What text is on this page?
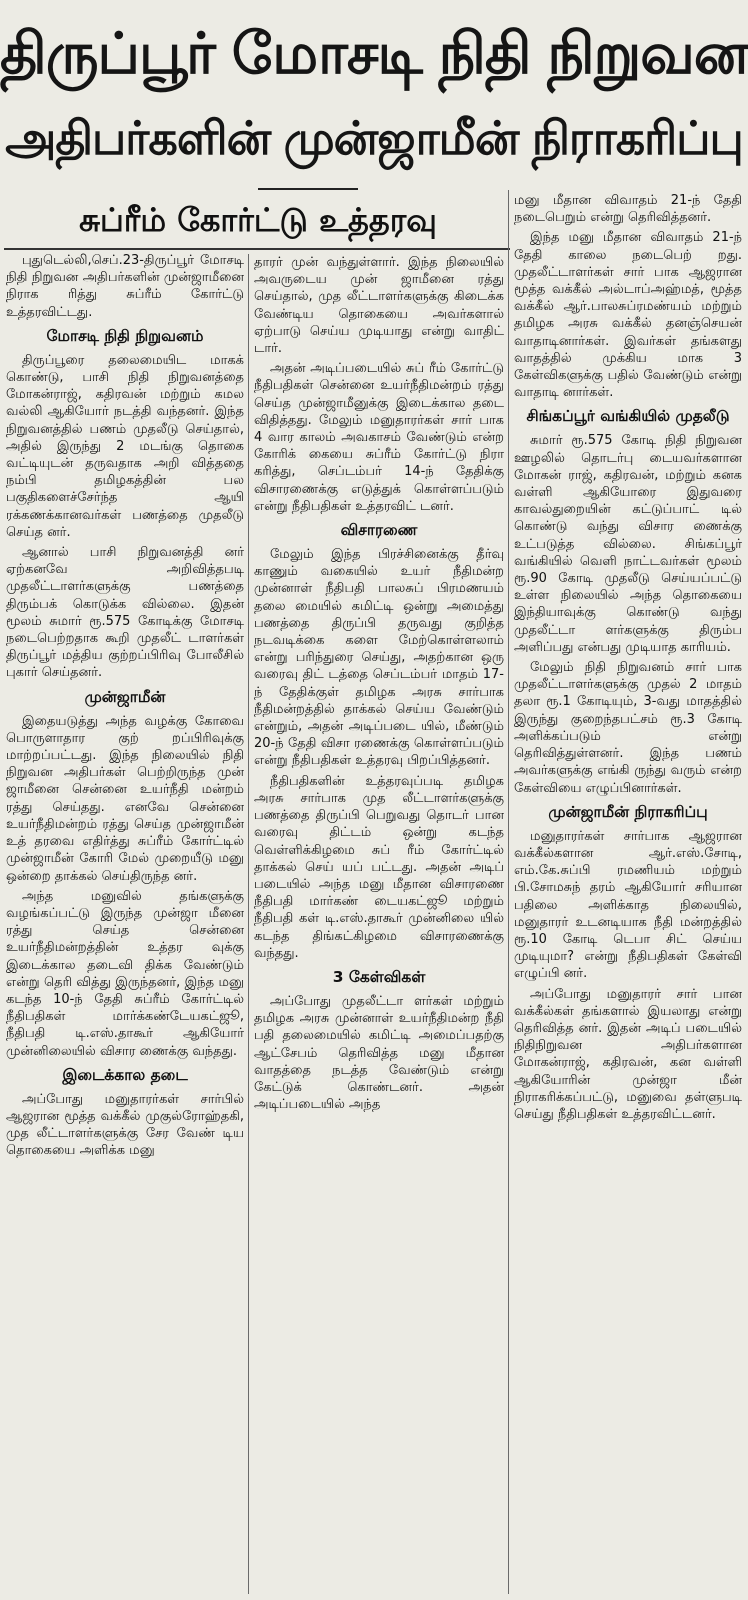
திருப்பூர் மோசடி நிதி நிறுவன
அதிபர்களின் முன்ஜாமீன் நிராகரிப்பு
சுப்ரீம் கோர்ட்டு உத்தரவு

புதுடெல்லி,செப்.23-திருப்பூர் மோசடி நிதி நிறுவன அதிபர்களின் முன்ஜாமீனை நிராக ரித்து சுப்ரீம் கோர்ட்டு உத்தரவிட்டது.

மோசடி நிதி நிறுவனம்

திருப்பூரை தலைமையிட மாகக் கொண்டு, பாசி நிதி நிறுவனத்தை மோகன்ராஜ், கதிரவன் மற்றும் கமல வல்லி ஆகியோர் நடத்தி வந்தனர். இந்த நிறுவனத்தில் பணம் முதலீடு செய்தால், அதில் இருந்து 2 மடங்கு தொகை வட்டியுடன் தருவதாக அறி வித்ததை நம்பி தமிழகத்தின் பல பகுதிகளைச்சேர்ந்த ஆயி ரக்கணக்கானவர்கள் பணத்தை முதலீடு செய்த னர்.

ஆனால் பாசி நிறுவனத்தி னர் ஏற்கனவே அறிவித்தபடி முதலீட்டாளர்களுக்கு பணத்தை திரும்பக் கொடுக்க வில்லை. இதன் மூலம் சுமார் ரூ.575 கோடிக்கு மோசடி நடைபெற்றதாக கூறி முதலீட் டாளர்கள் திருப்பூர் மத்திய குற்றப்பிரிவு போலீசில் புகார் செய்தனர்.

முன்ஜாமீன்

இதையடுத்து அந்த வழக்கு கோவை பொருளாதார குற் றப்பிரிவுக்கு மாற்றப்பட்டது. இந்த நிலையில் நிதி நிறுவன அதிபர்கள் பெற்றிருந்த முன் ஜாமீனை சென்னை உயர்நீதி மன்றம் ரத்து செய்தது. எனவே சென்னை உயர்நீதிமன்றம் ரத்து செய்த முன்ஜாமீன் உத் தரவை எதிர்த்து சுப்ரீம் கோர்ட்டில் முன்ஜாமீன் கோரி மேல் முறையீடு மனு ஒன்றை தாக்கல் செய்திருந்த னர்.

அந்த மனுவில் தங்களுக்கு வழங்கப்பட்டு இருந்த முன்ஜா மீனை ரத்து செய்த சென்னை உயர்நீதிமன்றத்தின் உத்தர வுக்கு இடைக்கால தடைவி திக்க வேண்டும் என்று தெரி வித்து இருந்தனர், இந்த மனு கடந்த 10-ந் தேதி சுப்ரீம் கோர்ட்டில் நீதிபதிகள் மார்க்கண்டேயகட்ஜூ, நீதிபதி டி.எஸ்.தாகூர் ஆகியோர் முன்னிலையில் விசார ணைக்கு வந்தது.

இடைக்கால தடை

அப்போது மனுதாரர்கள் சார்பில் ஆஜரான மூத்த வக்கீல் முகுல்ரோஹ்தகி, முத லீட்டாளர்களுக்கு சேர வேண் டிய தொகையை அளிக்க மனு

தாரர் முன் வந்துள்ளார். இந்த நிலையில் அவருடைய முன் ஜாமீனை ரத்து செய்தால், முத லீட்டாளர்களுக்கு கிடைக்க வேண்டிய தொகையை அவர்களால் ஏற்பாடு செய்ய முடியாது என்று வாதிட் டார்.

அதன் அடிப்படையில் சுப் ரீம் கோர்ட்டு நீதிபதிகள் சென்னை உயர்நீதிமன்றம் ரத்து செய்த முன்ஜாமீனுக்கு இடைக்கால தடை விதித்தது. மேலும் மனுதாரர்கள் சார் பாக 4 வார காலம் அவகாசம் வேண்டும் என்ற கோரிக் கையை சுப்ரீம் கோர்ட்டு நிரா கரித்து, செப்டம்பர் 14-ந் தேதிக்கு விசாரணைக்கு எடுத்துக் கொள்ளப்படும் என்று நீதிபதிகள் உத்தரவிட் டனர்.

விசாரணை

மேலும் இந்த பிரச்சினைக்கு தீர்வு காணும் வகையில் உயர் நீதிமன்ற முன்னாள் நீதிபதி பாலசுப் பிரமணயம் தலை மையில் கமிட்டி ஒன்று அமைத்து பணத்தை திருப்பி தருவது குறித்த நடவடிக்கை களை மேற்கொள்ளலாம் என்று பரிந்துரை செய்து, அதற்கான ஒரு வரைவு திட் டத்தை செப்டம்பர் மாதம் 17-ந் தேதிக்குள் தமிழக அரசு சார்பாக நீதிமன்றத்தில் தாக்கல் செய்ய வேண்டும் என்றும், அதன் அடிப்படை யில், மீண்டும் 20-ந் தேதி விசா ரணைக்கு கொள்ளப்படும் என்று நீதிபதிகள் உத்தரவு பிறப்பித்தனர்.

நீதிபதிகளின் உத்தரவுப்படி தமிழக அரசு சார்பாக முத லீட்டாளர்களுக்கு பணத்தை திருப்பி பெறுவது தொடர் பான வரைவு திட்டம் ஒன்று கடந்த வெள்ளிக்கிழமை சுப் ரீம் கோர்ட்டில் தாக்கல் செய் யப் பட்டது. அதன் அடிப் படையில் அந்த மனு மீதான விசாரணை நீதிபதி மார்கண் டையகட்ஜூ மற்றும் நீதிபதி கள் டி.எஸ்.தாகூர் முன்னிலை யில் கடந்த திங்கட்கிழமை விசாரணைக்கு வந்தது.

3 கேள்விகள்

அப்போது முதலீட்டா ளர்கள் மற்றும் தமிழக அரசு முன்னாள் உயர்நீதிமன்ற நீதி பதி தலைமையில் கமிட்டி அமைப்பதற்கு ஆட்சேபம் தெரிவித்த மனு மீதான வாதத்தை நடத்த வேண்டும் என்று கேட்டுக் கொண்டனர். அதன் அடிப்படையில் அந்த

மனு மீதான விவாதம் 21-ந் தேதி நடைபெறும் என்று தெரிவித்தனர்.

இந்த மனு மீதான விவாதம் 21-ந் தேதி காலை நடைபெற் றது. முதலீட்டாளர்கள் சார் பாக ஆஜரான மூத்த வக்கீல் அல்டாப்அஹ்மத், மூத்த வக்கீல் ஆர்.பாலசுப்ரமண்யம் மற்றும் தமிழக அரசு வக்கீல் தனஞ்செயன் வாதாடினார்கள். இவர்கள் தங்களது வாதத்தில் முக்கிய மாக 3 கேள்விகளுக்கு பதில் வேண்டும் என்று வாதாடி னார்கள்.

சிங்கப்பூர் வங்கியில் முதலீடு

சுமார் ரூ.575 கோடி நிதி நிறுவன ஊழலில் தொடர்பு டையவர்களான மோகன் ராஜ், கதிரவன், மற்றும் கனக வள்ளி ஆகியோரை இதுவரை காவல்துறையின் கட்டுப்பாட் டில் கொண்டு வந்து விசார ணைக்கு உட்படுத்த வில்லை. சிங்கப்பூர் வங்கியில் வெளி நாட்டவர்கள் மூலம் ரூ.90 கோடி முதலீடு செய்யப்பட்டு உள்ள நிலையில் அந்த தொகையை இந்தியாவுக்கு கொண்டு வந்து முதலீட்டா ளர்களுக்கு திரும்ப அளிப்பது என்பது முடியாத காரியம்.

மேலும் நிதி நிறுவனம் சார் பாக முதலீட்டாளர்களுக்கு முதல் 2 மாதம் தலா ரூ.1 கோடியும், 3-வது மாதத்தில் இருந்து குறைந்தபட்சம் ரூ.3 கோடி அளிக்கப்படும் என்று தெரிவித்துள்ளனர். இந்த பணம் அவர்களுக்கு எங்கி ருந்து வரும் என்ற கேள்வியை எழுப்பினார்கள்.

முன்ஜாமீன் நிராகரிப்பு

மனுதாரர்கள் சார்பாக ஆஜரான வக்கீல்களான ஆர்.எஸ்.சோடி, எம்.கே.சுப்பி ரமணியம் மற்றும் பி.சோமசுந் தரம் ஆகியோர் சரியான பதிலை அளிக்காத நிலையில், மனுதாரர் உடனடியாக நீதி மன்றத்தில் ரூ.10 கோடி டெபா சிட் செய்ய முடியுமா? என்று நீதிபதிகள் கேள்வி எழுப்பி னர்.

அப்போது மனுதாரர் சார் பான வக்கீல்கள் தங்களால் இயலாது என்று தெரிவித்த னர். இதன் அடிப் படையில் நிதிநிறுவன அதிபர்களான மோகன்ராஜ், கதிரவன், கன வள்ளி ஆகியோரின் முன்ஜா மீன் நிராகரிக்கப்பட்டு, மனுவை தள்ளுபடி செய்து நீதிபதிகள் உத்தரவிட்டனர்.
